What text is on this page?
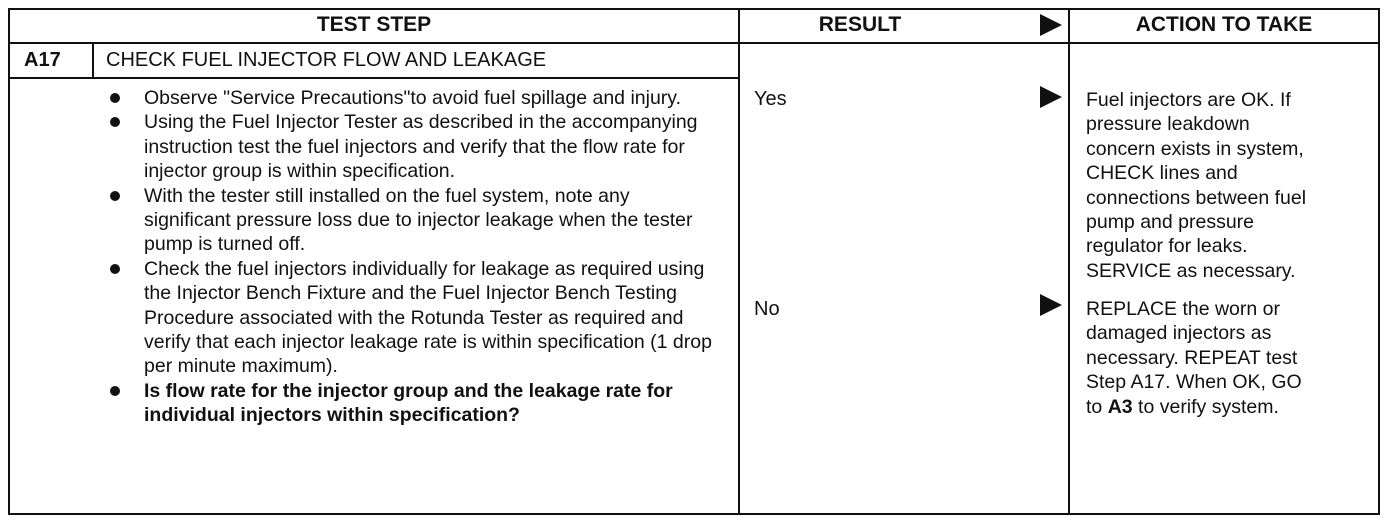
TEST STEP	RESULT	ACTION TO TAKE
A17 CHECK FUEL INJECTOR FLOW AND LEAKAGE
Observe "Service Precautions"to avoid fuel spillage and injury.
Using the Fuel Injector Tester as described in the accompanying instruction test the fuel injectors and verify that the flow rate for injector group is within specification.
With the tester still installed on the fuel system, note any significant pressure loss due to injector leakage when the tester pump is turned off.
Check the fuel injectors individually for leakage as required using the Injector Bench Fixture and the Fuel Injector Bench Testing Procedure associated with the Rotunda Tester as required and verify that each injector leakage rate is within specification (1 drop per minute maximum).
Is flow rate for the injector group and the leakage rate for individual injectors within specification?
Yes	Fuel injectors are OK. If
pressure leakdown
concern exists in system,
CHECK lines and
connections between fuel
pump and pressure
regulator for leaks.
SERVICE as necessary.
No	REPLACE the worn or
damaged injectors as
necessary. REPEAT test
Step A17. When OK, GO
to A3 to verify system.
